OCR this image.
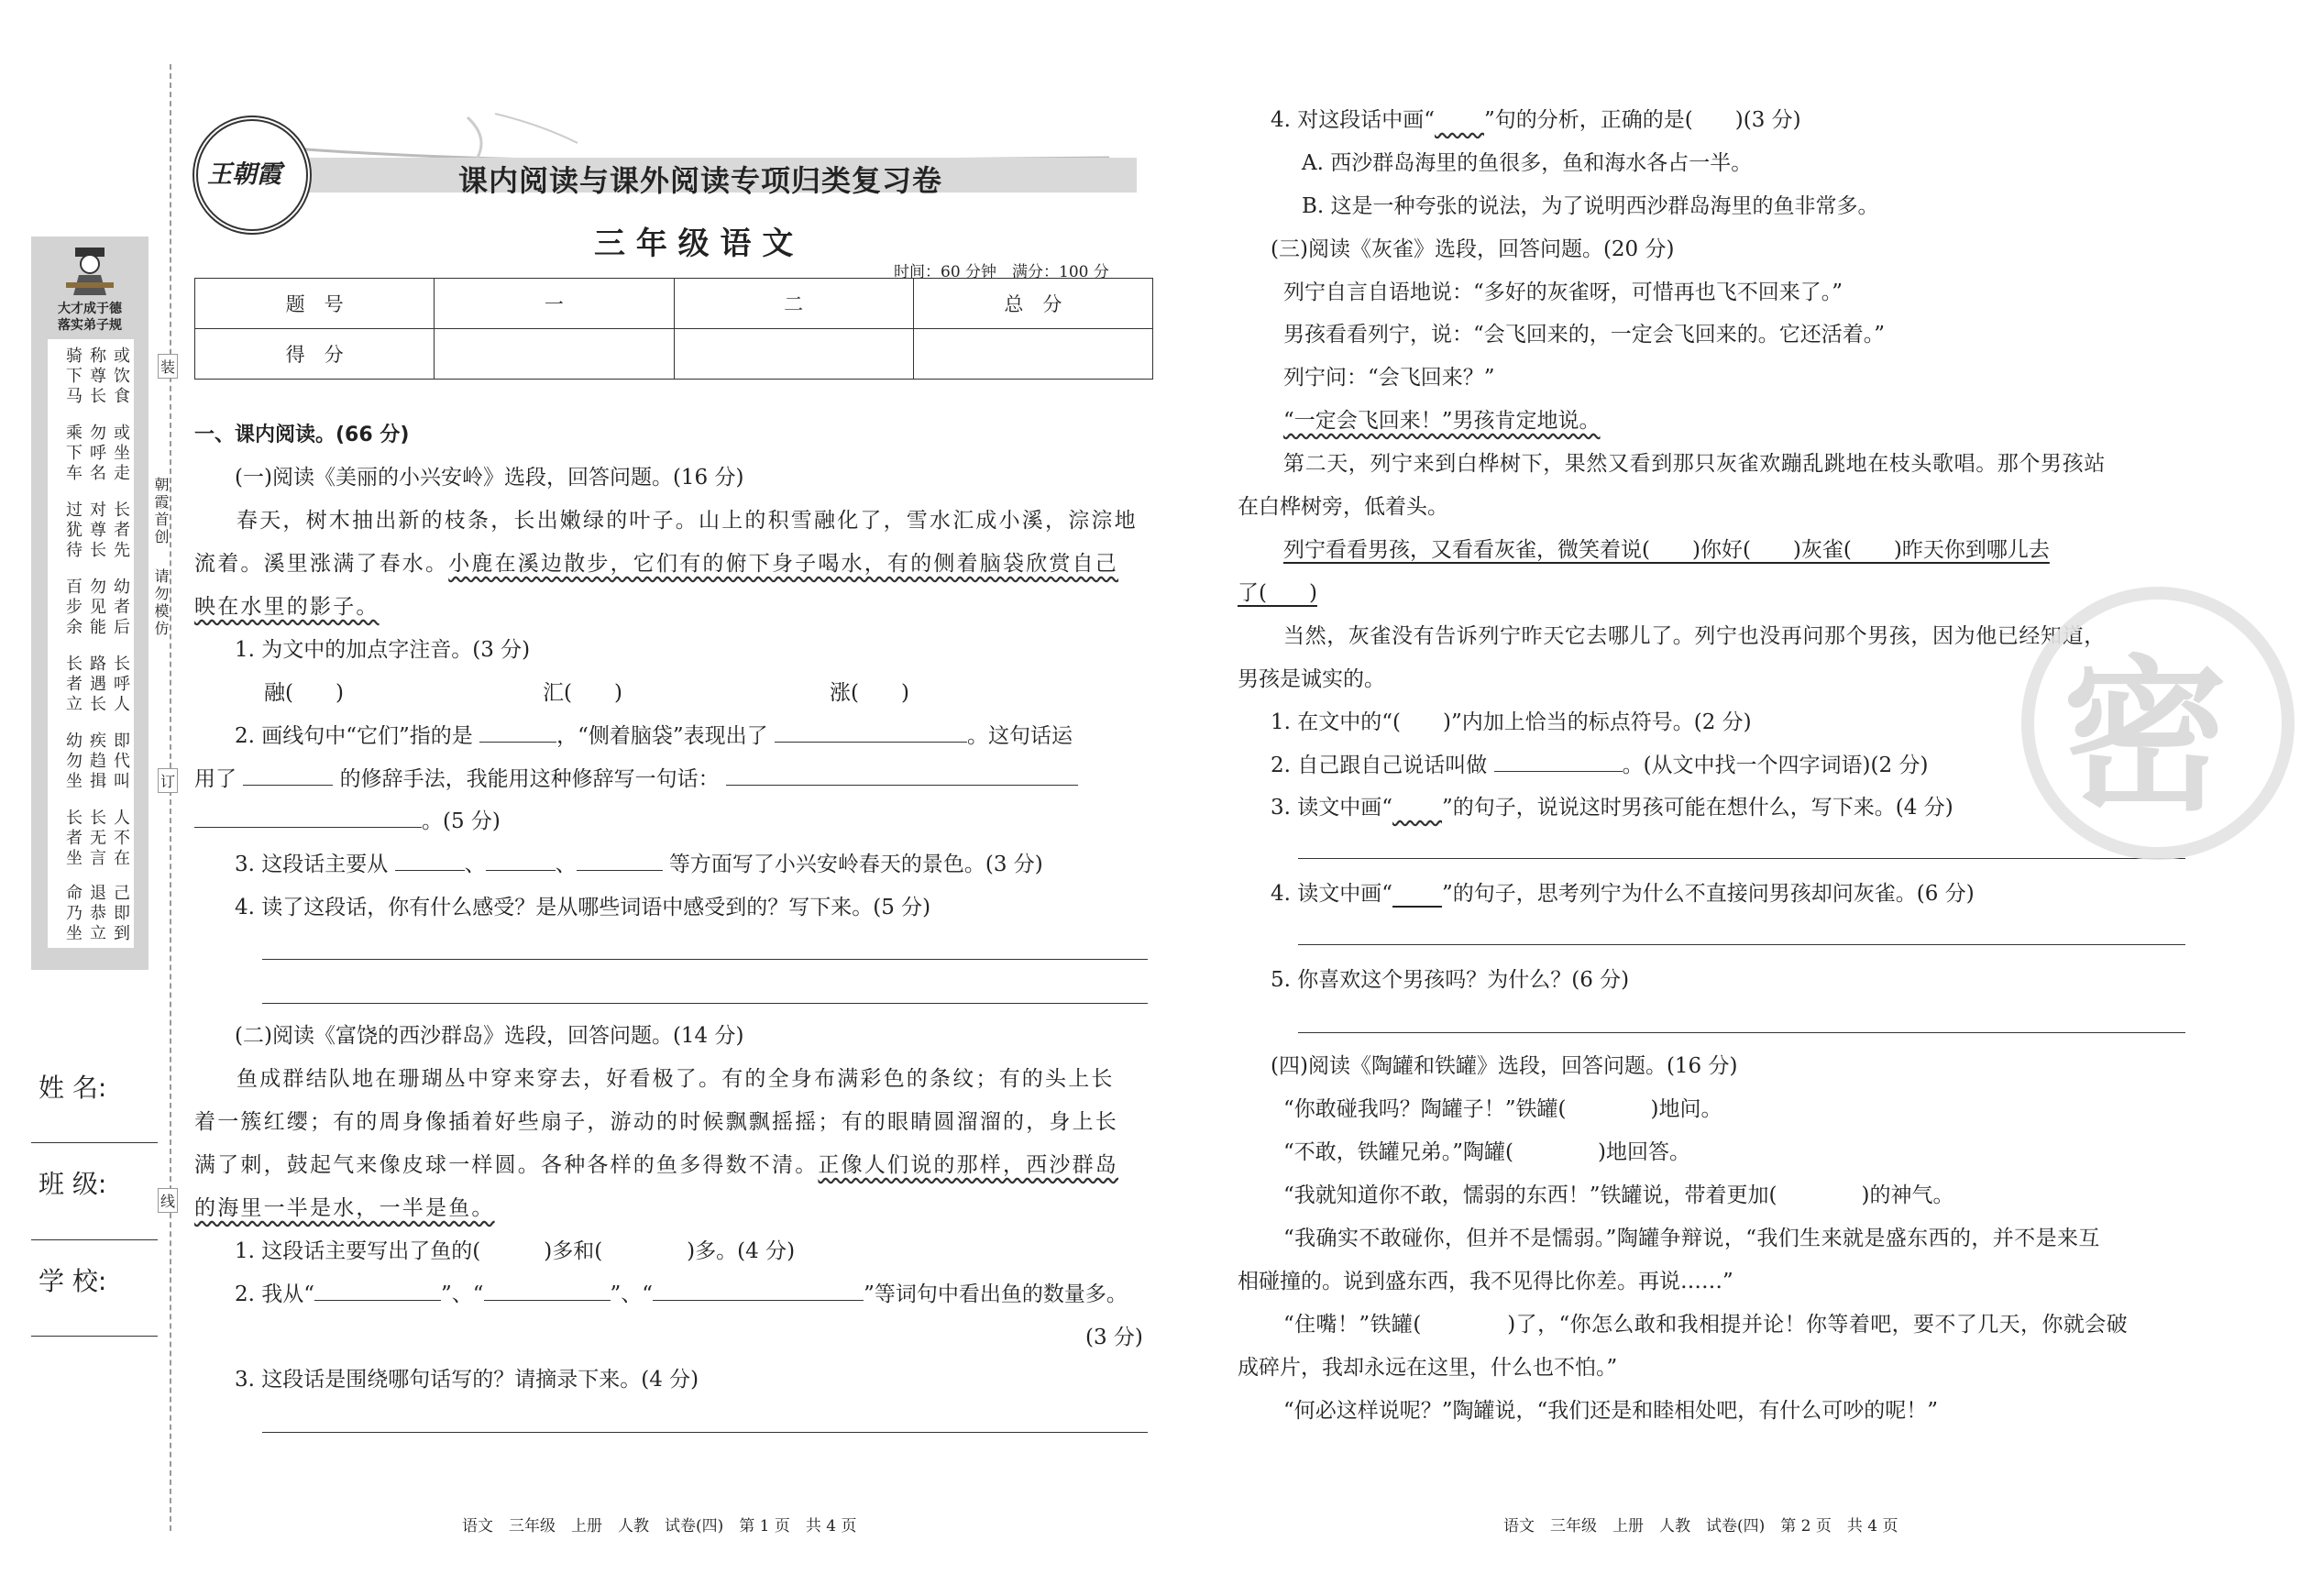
大才成于德
落实弟子规
或饮食
称尊长
骑下马
或坐走
勿呼名
乘下车
长者先
对尊长
过犹待
幼者后
勿见能
百步余
长呼人
路遇长
长者立
即代叫
疾趋揖
幼勿坐
人不在
长无言
长者坐
己即到
退恭立
命乃坐
朝霞首创
请勿模仿
装
订
线
姓 名:
班 级:
学 校:
课内阅读与课外阅读专项归类复习卷
王朝霞
三 年 级 语 文
时间：60 分钟　满分：100 分
题　号	一	二	总　分
得　分			
一、课内阅读。(66 分)
(一)阅读《美丽的小兴安岭》选段，回答问题。(16 分)
春天，树木抽出新的枝条，长出嫩绿的叶子。山上的积雪融化了，雪水汇成小溪，淙淙地
流着。溪里涨满了春水。小鹿在溪边散步，它们有的俯下身子喝水，有的侧着脑袋欣赏自己
映在水里的影子。
1. 为文中的加点字注音。(3 分)
融(　　)	汇(　　)	涨(　　)
2. 画线句中“它们”指的是	，“侧着脑袋”表现出了	。这句话运
用了	的修辞手法，我能用这种修辞写一句话：
。(5 分)
3. 这段话主要从	、	、	等方面写了小兴安岭春天的景色。(3 分)
4. 读了这段话，你有什么感受？是从哪些词语中感受到的？写下来。(5 分)
(二)阅读《富饶的西沙群岛》选段，回答问题。(14 分)
鱼成群结队地在珊瑚丛中穿来穿去，好看极了。有的全身布满彩色的条纹；有的头上长
着一簇红缨；有的周身像插着好些扇子，游动的时候飘飘摇摇；有的眼睛圆溜溜的，身上长
满了刺，鼓起气来像皮球一样圆。各种各样的鱼多得数不清。正像人们说的那样，西沙群岛
的海里一半是水，一半是鱼。
1. 这段话主要写出了鱼的(　　　)多和(　　　　)多。(4 分)
2. 我从“	”、“	”、“	”等词句中看出鱼的数量多。
(3 分)
3. 这段话是围绕哪句话写的？请摘录下来。(4 分)
语文　三年级　上册　人教　试卷(四)　第 1 页　共 4 页
4. 对这段话中画“　　 ”句的分析，正确的是(　　)(3 分)
A. 西沙群岛海里的鱼很多，鱼和海水各占一半。
B. 这是一种夸张的说法，为了说明西沙群岛海里的鱼非常多。
(三)阅读《灰雀》选段，回答问题。(20 分)
列宁自言自语地说：“多好的灰雀呀，可惜再也飞不回来了。”
男孩看看列宁，说：“会飞回来的，一定会飞回来的。它还活着。”
列宁问：“会飞回来？”
“一定会飞回来！”男孩肯定地说。
第二天，列宁来到白桦树下，果然又看到那只灰雀欢蹦乱跳地在枝头歌唱。那个男孩站
在白桦树旁，低着头。
列宁看看男孩，又看看灰雀，微笑着说(　　)你好(　　)灰雀(　　)昨天你到哪儿去
了(　　)
当然，灰雀没有告诉列宁昨天它去哪儿了。列宁也没再问那个男孩，因为他已经知道，
男孩是诚实的。
1. 在文中的“(　　)”内加上恰当的标点符号。(2 分)
2. 自己跟自己说话叫做	。(从文中找一个四字词语)(2 分)
3. 读文中画“　　 ”的句子，说说这时男孩可能在想什么，写下来。(4 分)
4. 读文中画“　　 ”的句子，思考列宁为什么不直接问男孩却问灰雀。(6 分)
5. 你喜欢这个男孩吗？为什么？(6 分)
(四)阅读《陶罐和铁罐》选段，回答问题。(16 分)
“你敢碰我吗？陶罐子！”铁罐(　　　　)地问。
“不敢，铁罐兄弟。”陶罐(　　　　)地回答。
“我就知道你不敢，懦弱的东西！”铁罐说，带着更加(　　　　)的神气。
“我确实不敢碰你，但并不是懦弱。”陶罐争辩说，“我们生来就是盛东西的，并不是来互
相碰撞的。说到盛东西，我不见得比你差。再说……”
“住嘴！”铁罐(　　　　)了，“你怎么敢和我相提并论！你等着吧，要不了几天，你就会破
成碎片，我却永远在这里，什么也不怕。”
“何必这样说呢？”陶罐说，“我们还是和睦相处吧，有什么可吵的呢！”
语文　三年级　上册　人教　试卷(四)　第 2 页　共 4 页
密
